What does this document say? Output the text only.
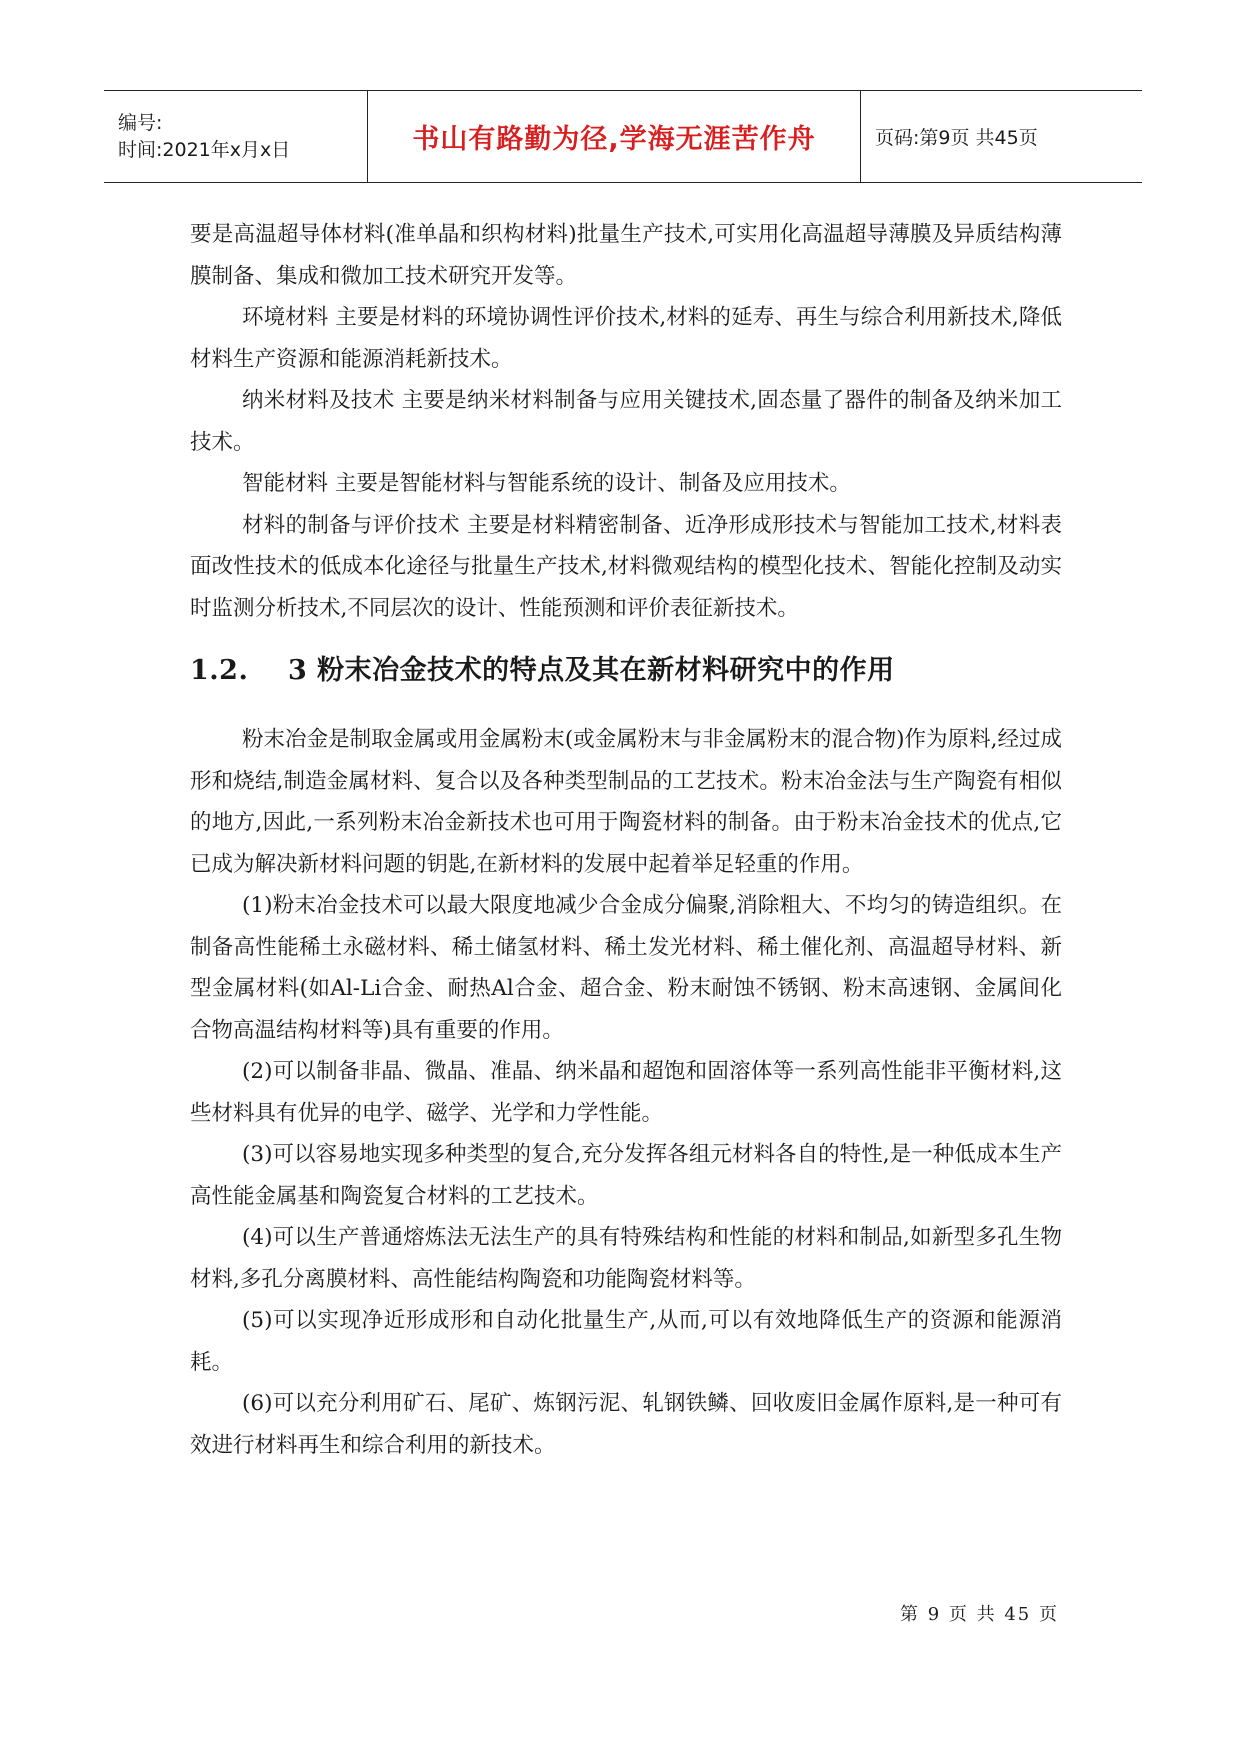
编号:
时间:2021年x月x日	书山有路勤为径,学海无涯苦作舟	页码:第9页 共45页

要是高温超导体材料(准单晶和织构材料)批量生产技术,可实用化高温超导薄膜及异质结构薄膜制备、集成和微加工技术研究开发等。

环境材料 主要是材料的环境协调性评价技术,材料的延寿、再生与综合利用新技术,降低材料生产资源和能源消耗新技术。

纳米材料及技术 主要是纳米材料制备与应用关键技术,固态量了器件的制备及纳米加工技术。

智能材料 主要是智能材料与智能系统的设计、制备及应用技术。

材料的制备与评价技术 主要是材料精密制备、近净形成形技术与智能加工技术,材料表面改性技术的低成本化途径与批量生产技术,材料微观结构的模型化技术、智能化控制及动实时监测分析技术,不同层次的设计、性能预测和评价表征新技术。

1.2. 3 粉末冶金技术的特点及其在新材料研究中的作用

粉末冶金是制取金属或用金属粉末(或金属粉末与非金属粉末的混合物)作为原料,经过成形和烧结,制造金属材料、复合以及各种类型制品的工艺技术。粉末冶金法与生产陶瓷有相似的地方,因此,一系列粉末冶金新技术也可用于陶瓷材料的制备。由于粉末冶金技术的优点,它已成为解决新材料问题的钥匙,在新材料的发展中起着举足轻重的作用。

(1)粉末冶金技术可以最大限度地减少合金成分偏聚,消除粗大、不均匀的铸造组织。在制备高性能稀土永磁材料、稀土储氢材料、稀土发光材料、稀土催化剂、高温超导材料、新型金属材料(如Al-Li合金、耐热Al合金、超合金、粉末耐蚀不锈钢、粉末高速钢、金属间化合物高温结构材料等)具有重要的作用。

(2)可以制备非晶、微晶、准晶、纳米晶和超饱和固溶体等一系列高性能非平衡材料,这些材料具有优异的电学、磁学、光学和力学性能。

(3)可以容易地实现多种类型的复合,充分发挥各组元材料各自的特性,是一种低成本生产高性能金属基和陶瓷复合材料的工艺技术。

(4)可以生产普通熔炼法无法生产的具有特殊结构和性能的材料和制品,如新型多孔生物材料,多孔分离膜材料、高性能结构陶瓷和功能陶瓷材料等。

(5)可以实现净近形成形和自动化批量生产,从而,可以有效地降低生产的资源和能源消耗。

(6)可以充分利用矿石、尾矿、炼钢污泥、轧钢铁鳞、回收废旧金属作原料,是一种可有效进行材料再生和综合利用的新技术。

第 9 页 共 45 页
